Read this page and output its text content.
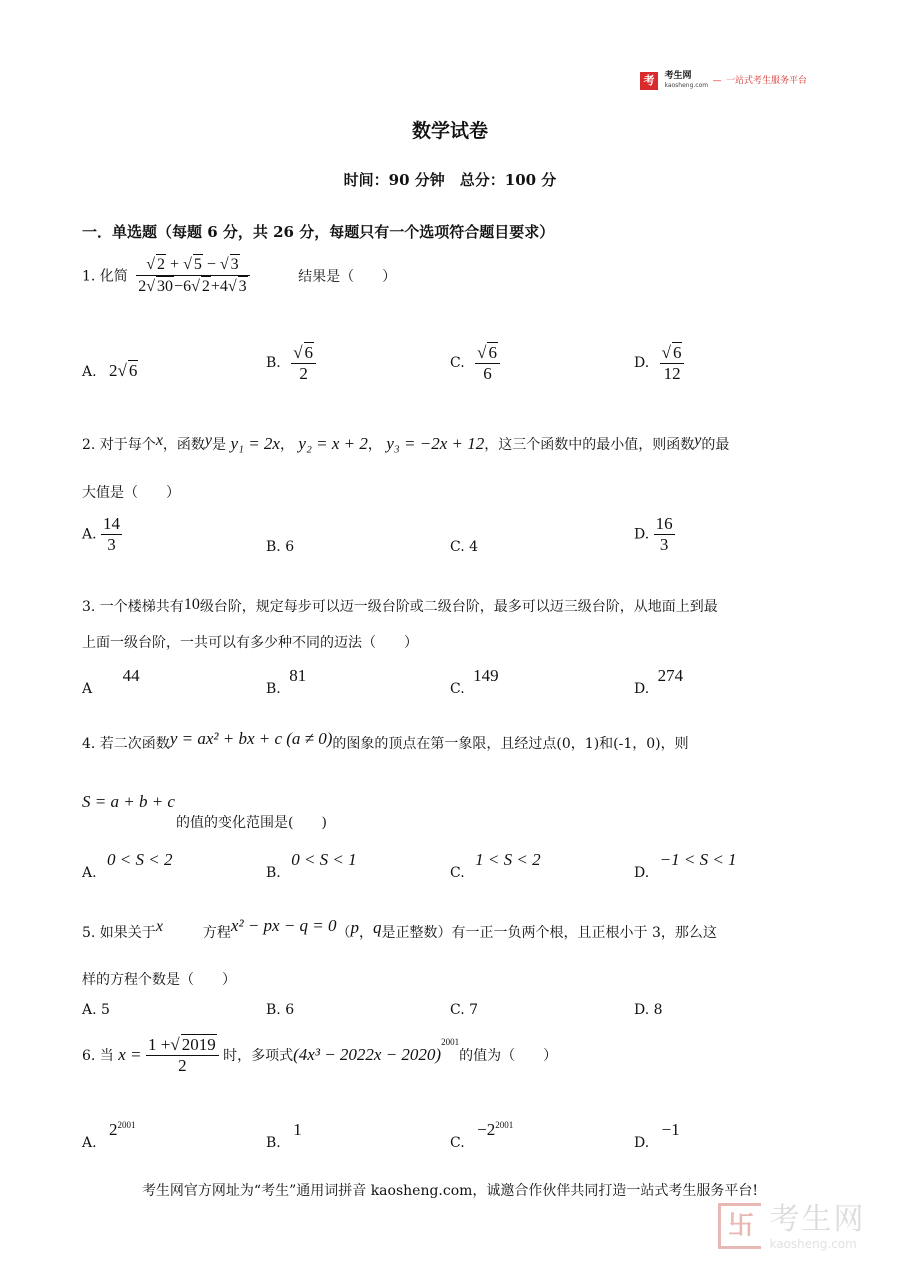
考 考生网
kaosheng.com — $^{一站式考生服务平台}$
数学试卷
时间：90 分钟　总分：100 分
一．单选题（每题 6 分，共 26 分，每题只有一个选项符合题目要求）
1. 化简 $\frac{√ 2 + √ 5 - √ 3}{2√ 30-6√ 2+4√ 3}$	结果是（　　）
A. 2√ 6	B. $\frac{√ 6}{2}$	C. $\frac{√ 6}{6}$	D. $\frac{√ 6}{12}$
2. 对于每个x，函数y是 y₁ = 2x， y₂ = x + 2， y₃ = −2x + 12，这三个函数中的最小值，则函数y的最
大值是（　　）
A. $\frac{14}{3}$	B. 6	C. 4
D. $\frac{16}{3}$
3. 一个楼梯共有10级台阶，规定每步可以迈一级台阶或二级台阶，最多可以迈三级台阶，从地面上到最
上面一级台阶，一共可以有多少种不同的迈法（　　）
A 44
B. 81
C. 149
D. 274
4. 若二次函数y = ax² + bx + c (a ≠ 0)的图象的顶点在第一象限，且经过点(0，1)和(-1，0)，则
S = a + b + c
的值的变化范围是(　　)
A. 0 < S < 2
B. 0 < S < 1
C. 1 < S < 2
D. −1 < S < 1
5. 如果关于x	方程x² − px − q = 0（p，q是正整数）有一正一负两个根，且正根小于 3，那么这
样的方程个数是（　　）
A. 5	B. 6	C. 7	D. 8
6. 当 $x = \frac{1 +√ 2019}{2}$ 时，多项式$(4x^3 - 2022x - 2020)^{2001}$的值为（　　）
A. $2^{2001}$
B. 1
C. $-2^{2001}$
D. −1
考生网官方网址为“考生”通用词拼音 kaosheng.com，诚邀合作伙伴共同打造一站式考生服务平台!
卐 考生网
kaosheng.com
